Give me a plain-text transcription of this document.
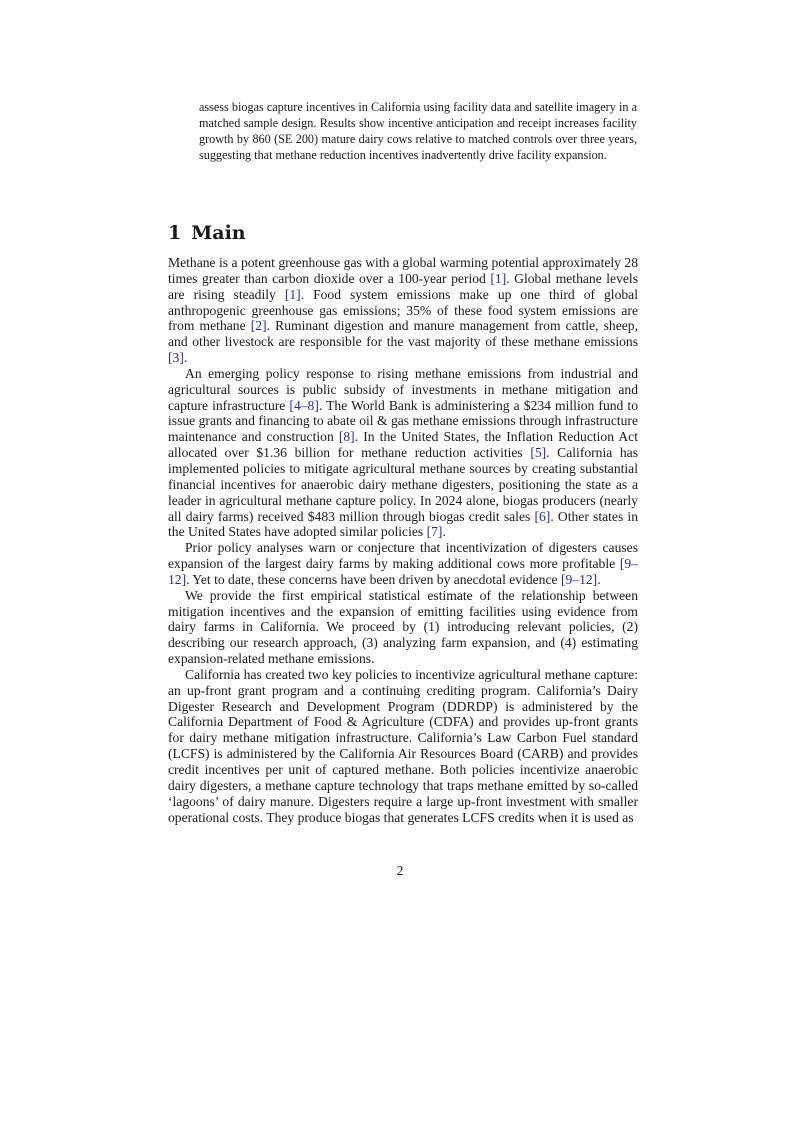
assess biogas capture incentives in California using facility data and satellite imagery in a matched sample design. Results show incentive anticipation and receipt increases facility growth by 860 (SE 200) mature dairy cows relative to matched controls over three years, suggesting that methane reduction incentives inadvertently drive facility expansion.

1 Main

Methane is a potent greenhouse gas with a global warming potential approximately 28 times greater than carbon dioxide over a 100-year period [1]. Global methane levels are rising steadily [1]. Food system emissions make up one third of global anthropogenic greenhouse gas emissions; 35% of these food system emissions are from methane [2]. Ruminant digestion and manure management from cattle, sheep, and other livestock are responsible for the vast majority of these methane emissions [3].

An emerging policy response to rising methane emissions from industrial and agricultural sources is public subsidy of investments in methane mitigation and capture infrastructure [4–8]. The World Bank is administering a $234 million fund to issue grants and financing to abate oil & gas methane emissions through infrastructure maintenance and construction [8]. In the United States, the Inflation Reduction Act allocated over $1.36 billion for methane reduction activities [5]. California has implemented policies to mitigate agricultural methane sources by creating substantial financial incentives for anaerobic dairy methane digesters, positioning the state as a leader in agricultural methane capture policy. In 2024 alone, biogas producers (nearly all dairy farms) received $483 million through biogas credit sales [6]. Other states in the United States have adopted similar policies [7].

Prior policy analyses warn or conjecture that incentivization of digesters causes expansion of the largest dairy farms by making additional cows more profitable [9–12]. Yet to date, these concerns have been driven by anecdotal evidence [9–12].

We provide the first empirical statistical estimate of the relationship between mitigation incentives and the expansion of emitting facilities using evidence from dairy farms in California. We proceed by (1) introducing relevant policies, (2) describing our research approach, (3) analyzing farm expansion, and (4) estimating expansion-related methane emissions.

California has created two key policies to incentivize agricultural methane capture: an up-front grant program and a continuing crediting program. California’s Dairy Digester Research and Development Program (DDRDP) is administered by the California Department of Food & Agriculture (CDFA) and provides up-front grants for dairy methane mitigation infrastructure. California’s Law Carbon Fuel standard (LCFS) is administered by the California Air Resources Board (CARB) and provides credit incentives per unit of captured methane. Both policies incentivize anaerobic dairy digesters, a methane capture technology that traps methane emitted by so-called ‘lagoons’ of dairy manure. Digesters require a large up-front investment with smaller operational costs. They produce biogas that generates LCFS credits when it is used as

2
